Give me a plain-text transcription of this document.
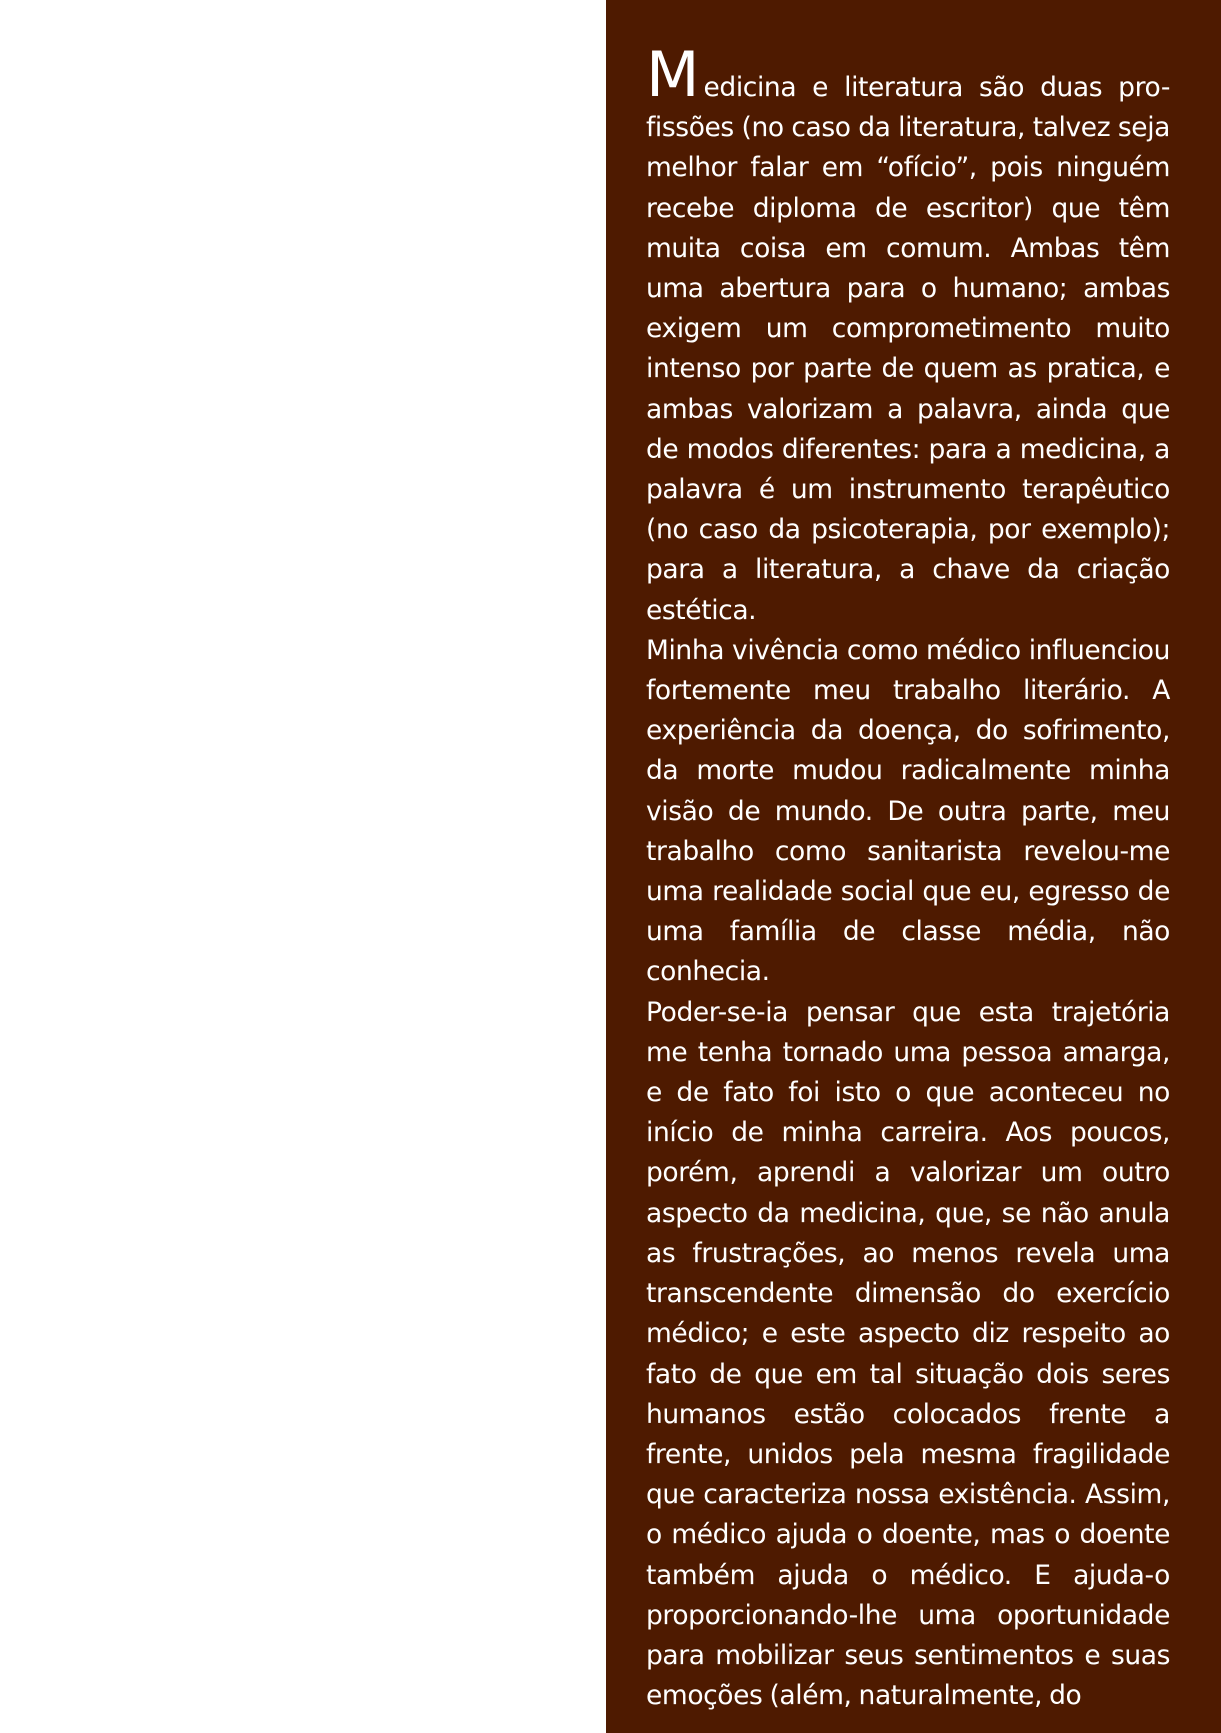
Medicina e literatura são duas pro- fissões (no caso da literatura, talvez seja melhor falar em “ofício”, pois ninguém recebe diploma de escritor) que têm muita coisa em comum. Ambas têm uma abertura para o humano; ambas exigem um comprometimento muito intenso por parte de quem as pratica, e ambas valorizam a palavra, ainda que de modos diferentes: para a medicina, a palavra é um instrumento terapêutico (no caso da psicoterapia, por exemplo); para a literatura, a chave da criação estética.

Minha vivência como médico influenciou fortemente meu trabalho literário. A experiência da doença, do sofrimento, da morte mudou radicalmente minha visão de mundo. De outra parte, meu trabalho como sanitarista revelou-me uma realidade social que eu, egresso de uma família de classe média, não conhecia.

Poder-se-ia pensar que esta trajetória me tenha tornado uma pessoa amarga, e de fato foi isto o que aconteceu no início de minha carreira. Aos poucos, porém, aprendi a valorizar um outro aspecto da medicina, que, se não anula as frustrações, ao menos revela uma transcendente dimensão do exercício médico; e este aspecto diz respeito ao fato de que em tal situação dois seres humanos estão colocados frente a frente, unidos pela mesma fragilidade que caracteriza nossa existência. Assim, o médico ajuda o doente, mas o doente também ajuda o médico. E ajuda-o proporcionando-lhe uma oportunidade para mobilizar seus sentimentos e suas emoções (além, naturalmente, do
